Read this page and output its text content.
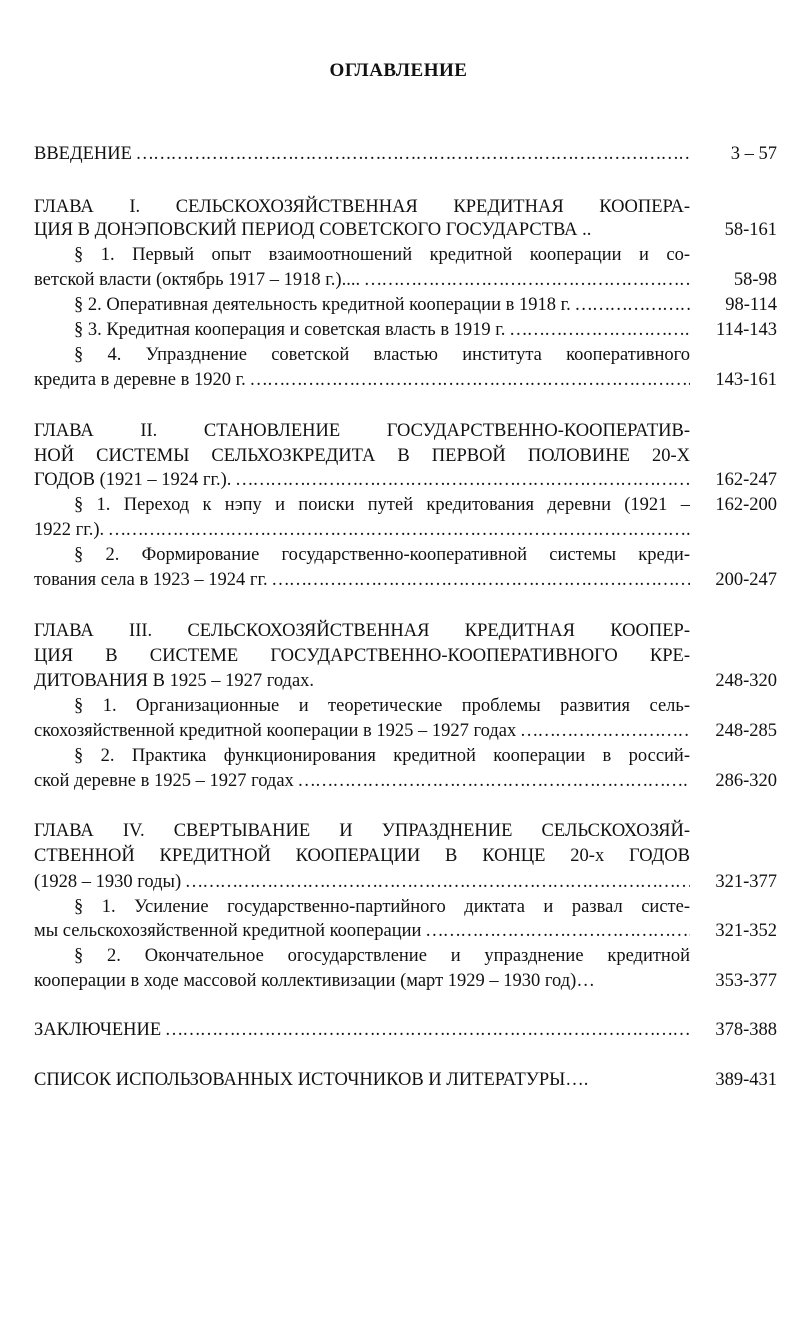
ОГЛАВЛЕНИЕ
ВВЕДЕНИЕ ……………………………………………………………………………………………………………………………………	3 – 57
ГЛАВА I. СЕЛЬСКОХОЗЯЙСТВЕННАЯ КРЕДИТНАЯ КООПЕРА-
ЦИЯ В ДОНЭПОВСКИЙ ПЕРИОД СОВЕТСКОГО ГОСУДАРСТВА ..	58-161
§ 1. Первый опыт взаимоотношений кредитной кооперации и со-
ветской власти (октябрь 1917 – 1918 г.).... ……………………………………………………………………………………………………………………………………	58-98
§ 2. Оперативная деятельность кредитной кооперации в 1918 г. ……………………………………………………………………………………………………………………………………	98-114
§ 3. Кредитная кооперация и советская власть в 1919 г. ……………………………………………………………………………………………………………………………………	114-143
§ 4. Упразднение советской властью института кооперативного
кредита в деревне в 1920 г. ……………………………………………………………………………………………………………………………………	143-161
ГЛАВА II. СТАНОВЛЕНИЕ ГОСУДАРСТВЕННО-КООПЕРАТИВ-
НОЙ СИСТЕМЫ СЕЛЬХОЗКРЕДИТА В ПЕРВОЙ ПОЛОВИНЕ 20-Х
ГОДОВ (1921 – 1924 гг.). ……………………………………………………………………………………………………………………………………	162-247
§ 1. Переход к нэпу и поиски путей кредитования деревни (1921 –	162-200
1922 гг.). ……………………………………………………………………………………………………………………………………
§ 2. Формирование государственно-кооперативной системы креди-
тования села в 1923 – 1924 гг. ……………………………………………………………………………………………………………………………………	200-247
ГЛАВА III. СЕЛЬСКОХОЗЯЙСТВЕННАЯ КРЕДИТНАЯ КООПЕР-
ЦИЯ В СИСТЕМЕ ГОСУДАРСТВЕННО-КООПЕРАТИВНОГО КРЕ-
ДИТОВАНИЯ В 1925 – 1927 годах.	248-320
§ 1. Организационные и теоретические проблемы развития сель-
скохозяйственной кредитной кооперации в 1925 – 1927 годах ……………………………………………………………………………………………………………………………………	248-285
§ 2. Практика функционирования кредитной кооперации в россий-
ской деревне в 1925 – 1927 годах ……………………………………………………………………………………………………………………………………	286-320
ГЛАВА IV. СВЕРТЫВАНИЕ И УПРАЗДНЕНИЕ СЕЛЬСКОХОЗЯЙ-
СТВЕННОЙ КРЕДИТНОЙ КООПЕРАЦИИ В КОНЦЕ 20-х ГОДОВ
(1928 – 1930 годы) ……………………………………………………………………………………………………………………………………	321-377
§ 1. Усиление государственно-партийного диктата и развал систе-
мы сельскохозяйственной кредитной кооперации ……………………………………………………………………………………………………………………………………	321-352
§ 2. Окончательное огосударствление и упразднение кредитной
кооперации в ходе массовой коллективизации (март 1929 – 1930 год)…	353-377
ЗАКЛЮЧЕНИЕ ……………………………………………………………………………………………………………………………………	378-388
СПИСОК ИСПОЛЬЗОВАННЫХ ИСТОЧНИКОВ И ЛИТЕРАТУРЫ….	389-431
